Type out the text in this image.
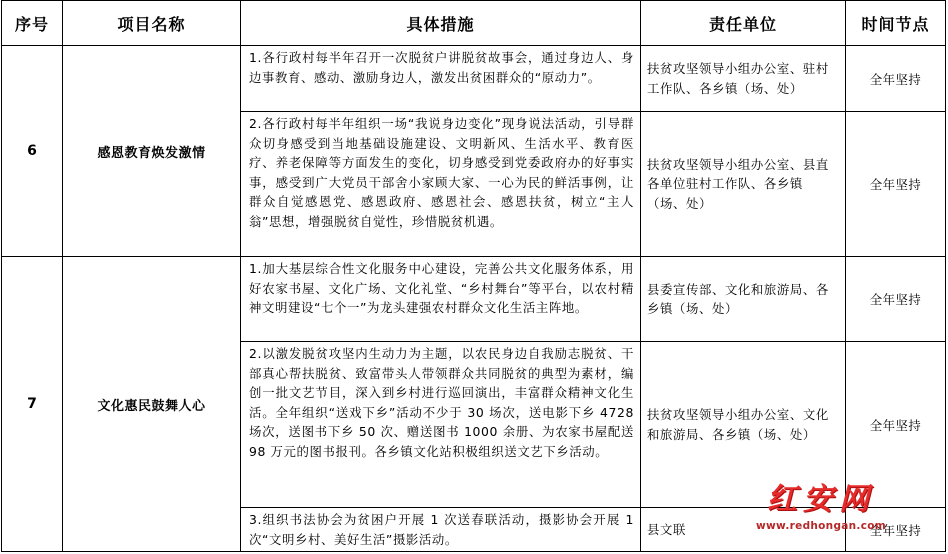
序号	项目名称	具体措施	责任单位	时间节点
6	感恩教育焕发激情	1.各行政村每半年召开一次脱贫户讲脱贫故事会，通过身边人、身边事教育、感动、激励身边人，激发出贫困群众的“原动力”。	扶贫攻坚领导小组办公室、驻村工作队、各乡镇（场、处）	全年坚持
		2.各行政村每半年组织一场“我说身边变化”现身说法活动，引导群众切身感受到当地基础设施建设、文明新风、生活水平、教育医疗、养老保障等方面发生的变化，切身感受到党委政府办的好事实事，感受到广大党员干部舍小家顾大家、一心为民的鲜活事例，让群众自觉感恩党、感恩政府、感恩社会、感恩扶贫，树立“主人翁”思想，增强脱贫自觉性，珍惜脱贫机遇。	扶贫攻坚领导小组办公室、县直各单位驻村工作队、各乡镇（场、处）	全年坚持
7	文化惠民鼓舞人心	1.加大基层综合性文化服务中心建设，完善公共文化服务体系，用好农家书屋、文化广场、文化礼堂、“乡村舞台”等平台，以农村精神文明建设“七个一”为龙头建强农村群众文化生活主阵地。	县委宣传部、文化和旅游局、各乡镇（场、处）	全年坚持
		2.以激发脱贫攻坚内生动力为主题，以农民身边自我励志脱贫、干部真心帮扶脱贫、致富带头人带领群众共同脱贫的典型为素材，编创一批文艺节目，深入到乡村进行巡回演出，丰富群众精神文化生活。全年组织“送戏下乡”活动不少于 30 场次，送电影下乡 4728 场次，送图书下乡 50 次、赠送图书 1000 余册、为农家书屋配送 98 万元的图书报刊。各乡镇文化站积极组织送文艺下乡活动。	扶贫攻坚领导小组办公室、文化和旅游局、各乡镇（场、处）	全年坚持
		3.组织书法协会为贫困户开展 1 次送春联活动，摄影协会开展 1 次“文明乡村、美好生活”摄影活动。	县文联	全年坚持
红安网
www.redhongan.com
